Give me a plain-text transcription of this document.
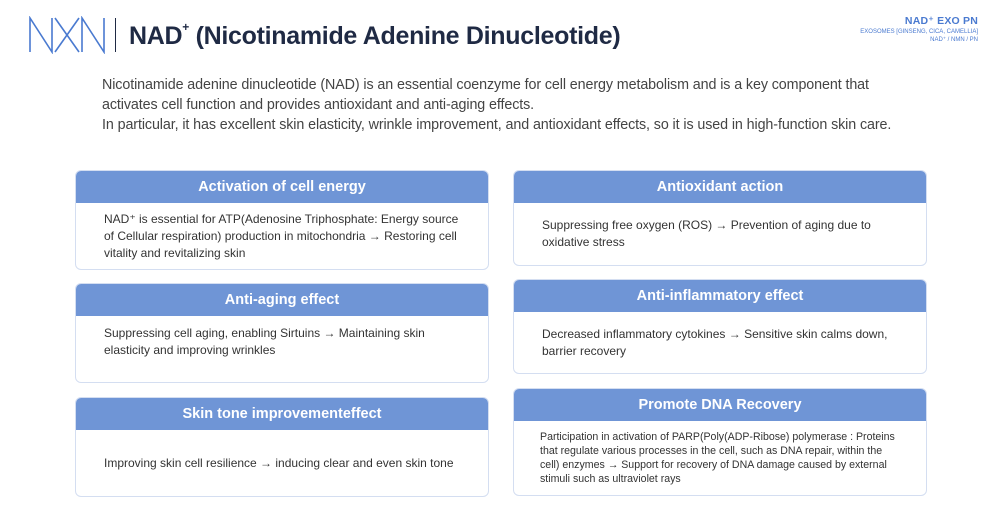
NAD+ (Nicotinamide Adenine Dinucleotide)
NAD⁺ EXO PN
EXOSOMES [GINSENG, CICA, CAMELLIA]
NAD⁺ / NMN / PN

Nicotinamide adenine dinucleotide (NAD) is an essential coenzyme for cell energy metabolism and is a key component that activates cell function and provides antioxidant and anti-aging effects.

In particular, it has excellent skin elasticity, wrinkle improvement, and antioxidant effects, so it is used in high-function skin care.

Activation of cell energy
NAD⁺ is essential for ATP(Adenosine Triphosphate: Energy source of Cellular respiration) production in mitochondria → Restoring cell vitality and revitalizing skin
Anti-aging effect
Suppressing cell aging, enabling Sirtuins → Maintaining skin elasticity and improving wrinkles
Skin tone improvementeffect
Improving skin cell resilience → inducing clear and even skin tone
Antioxidant action
Suppressing free oxygen (ROS) → Prevention of aging due to oxidative stress
Anti-inflammatory effect
Decreased inflammatory cytokines → Sensitive skin calms down, barrier recovery
Promote DNA Recovery
Participation in activation of PARP(Poly(ADP-Ribose) polymerase : Proteins that regulate various processes in the cell, such as DNA repair, within the cell) enzymes → Support for recovery of DNA damage caused by external stimuli such as ultraviolet rays
